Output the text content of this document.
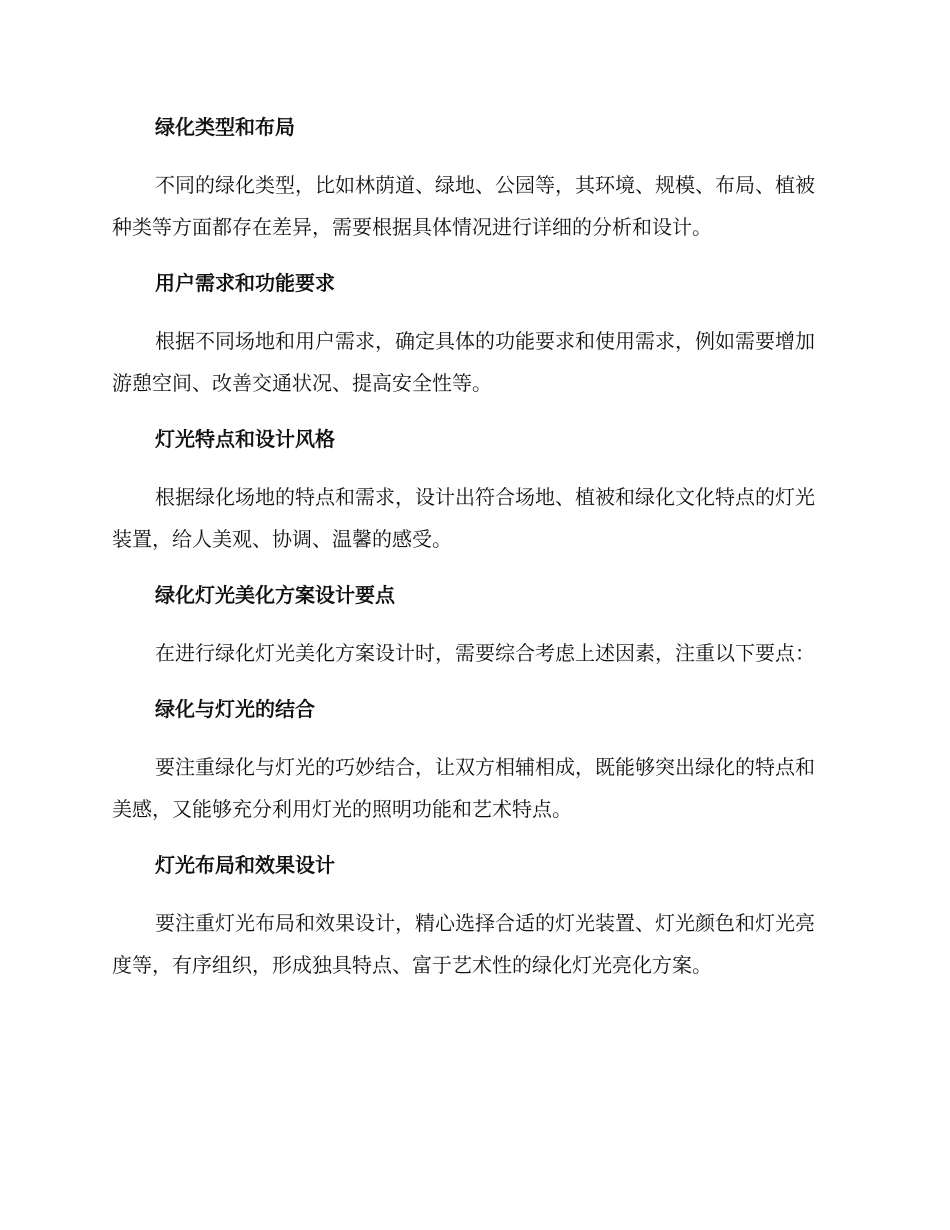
绿化类型和布局
不同的绿化类型，比如林荫道、绿地、公园等，其环境、规模、布局、植被种类等方面都存在差异，需要根据具体情况进行详细的分析和设计。
用户需求和功能要求
根据不同场地和用户需求，确定具体的功能要求和使用需求，例如需要增加游憩空间、改善交通状况、提高安全性等。
灯光特点和设计风格
根据绿化场地的特点和需求，设计出符合场地、植被和绿化文化特点的灯光装置，给人美观、协调、温馨的感受。
绿化灯光美化方案设计要点
在进行绿化灯光美化方案设计时，需要综合考虑上述因素，注重以下要点：
绿化与灯光的结合
要注重绿化与灯光的巧妙结合，让双方相辅相成，既能够突出绿化的特点和美感，又能够充分利用灯光的照明功能和艺术特点。
灯光布局和效果设计
要注重灯光布局和效果设计，精心选择合适的灯光装置、灯光颜色和灯光亮度等，有序组织，形成独具特点、富于艺术性的绿化灯光亮化方案。
